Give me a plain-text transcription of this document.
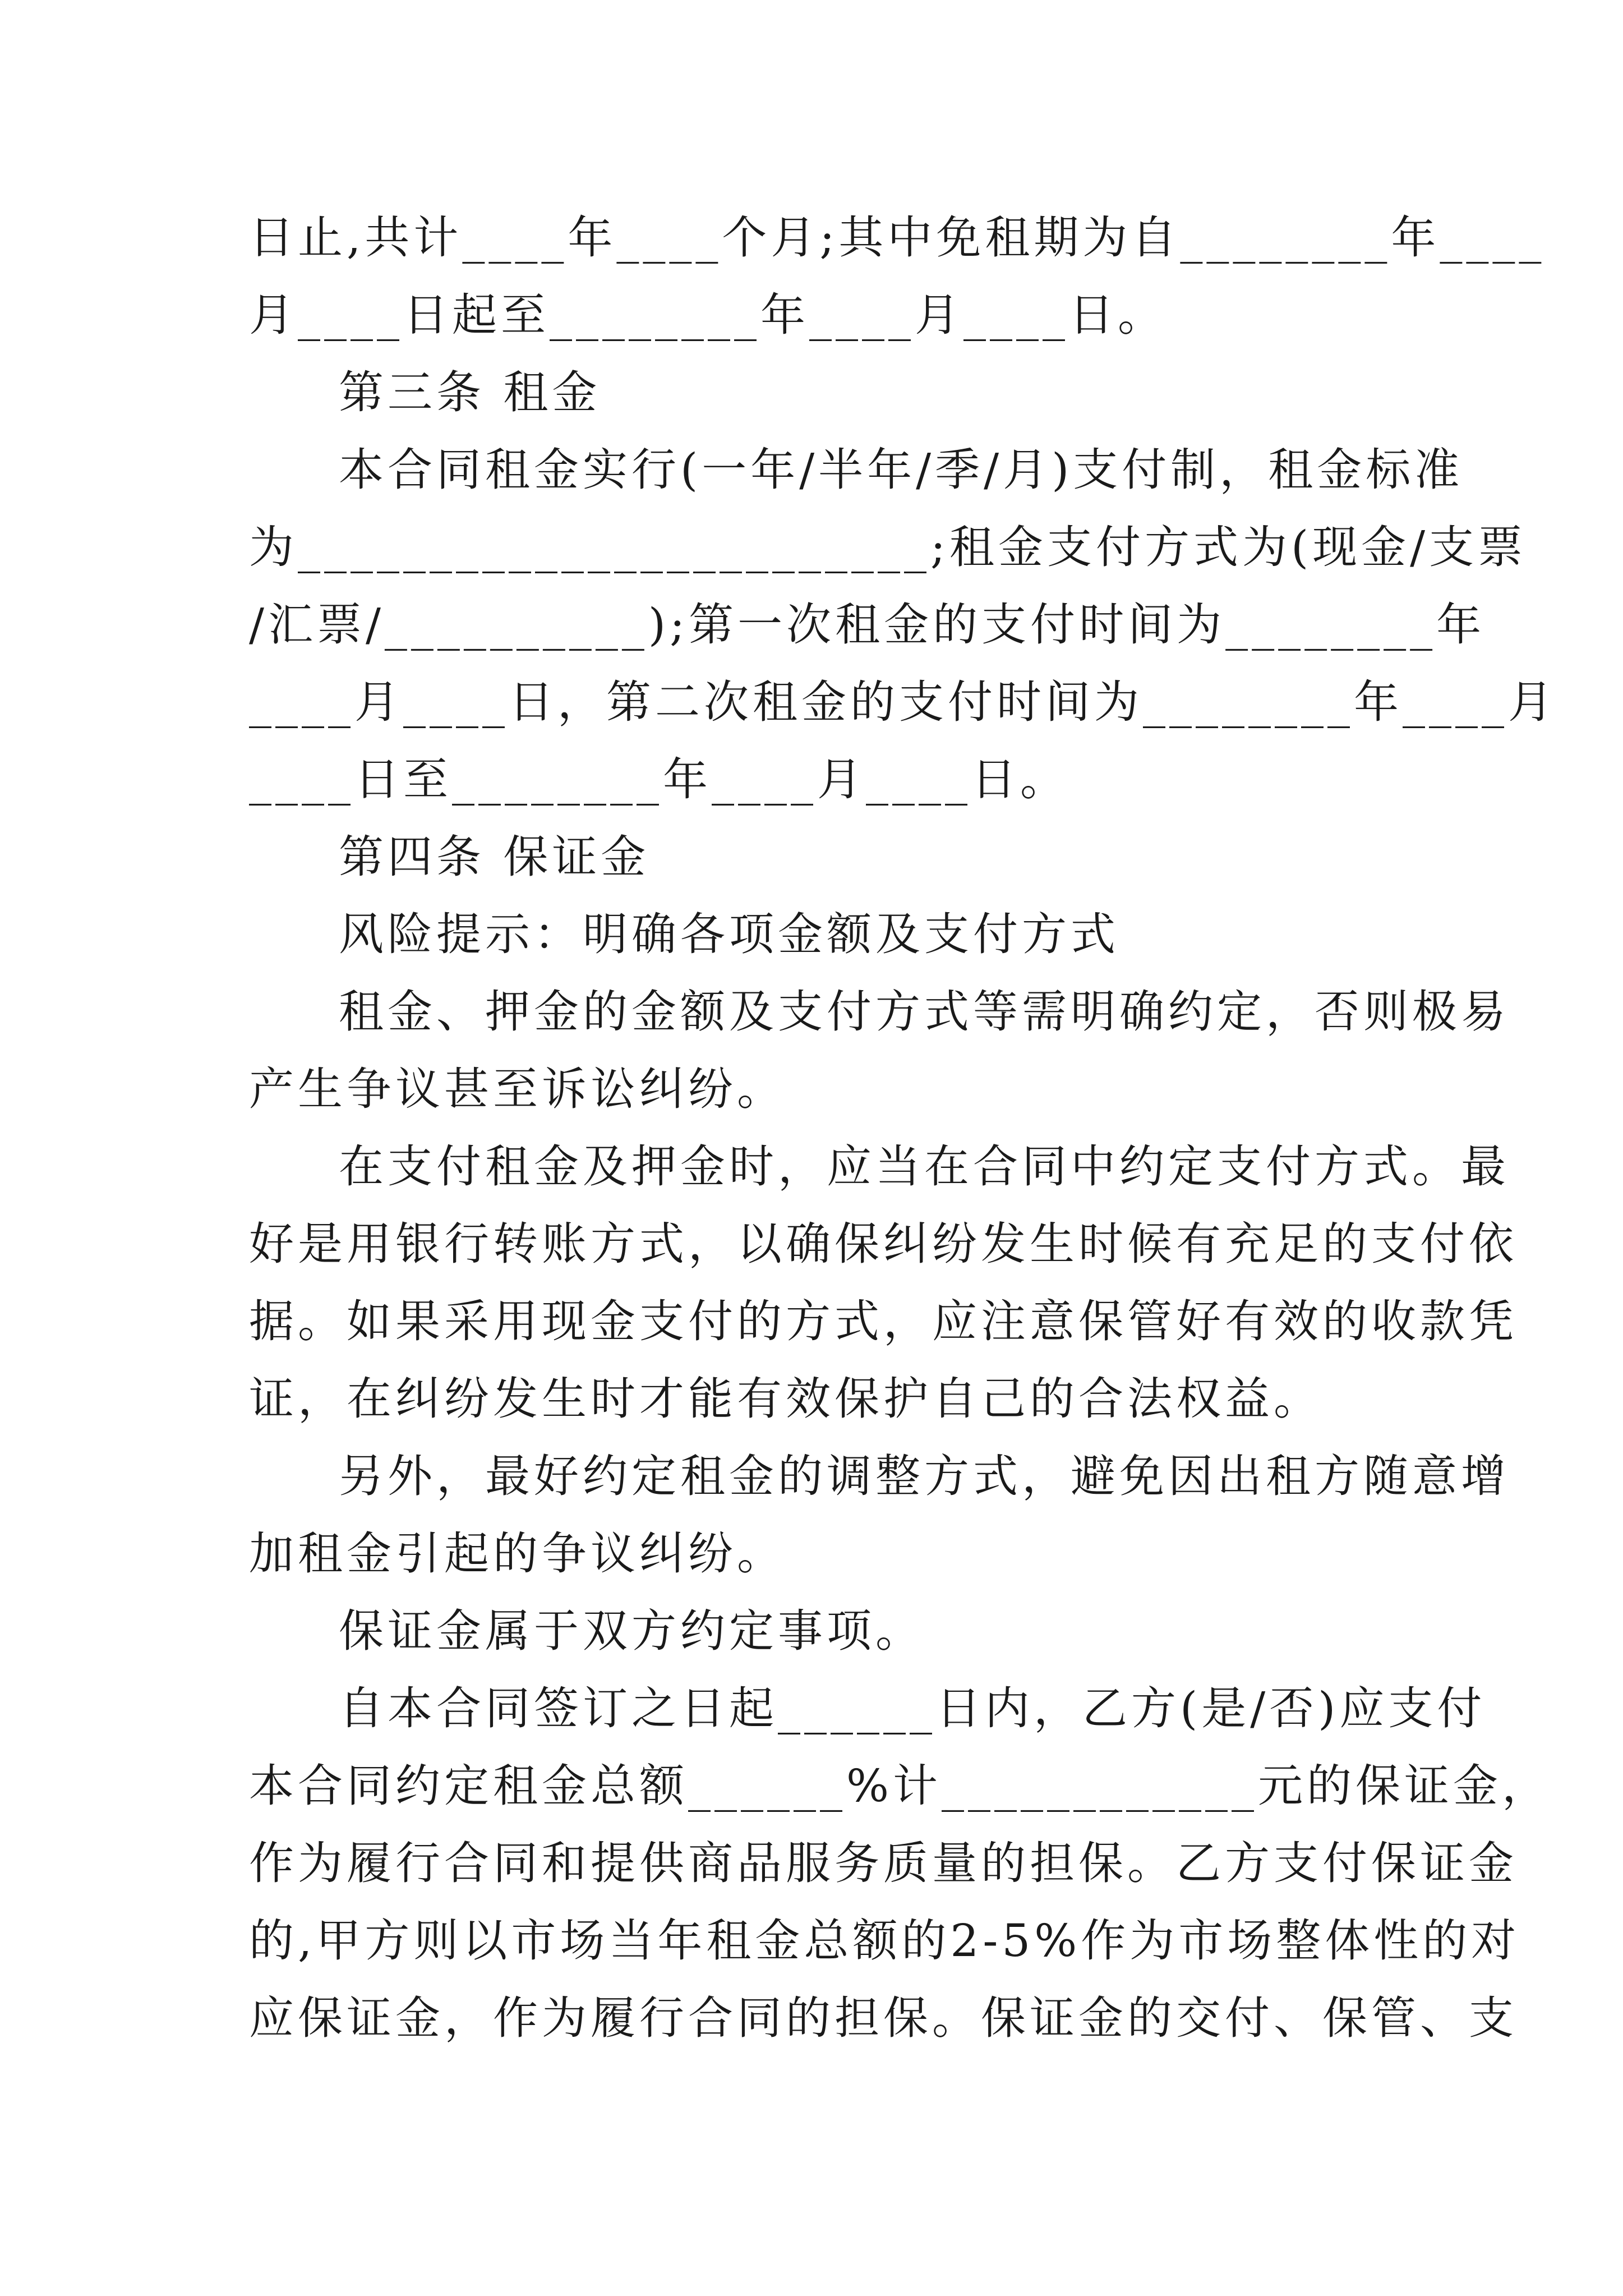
日止,共计____年____个月;其中免租期为自________年____
月____日起至________年____月____日。
第三条 租金
本合同租金实行(一年/半年/季/月)支付制，租金标准
为________________________;租金支付方式为(现金/支票
/汇票/__________);第一次租金的支付时间为________年
____月____日，第二次租金的支付时间为________年____月
____日至________年____月____日。
第四条 保证金
风险提示：明确各项金额及支付方式
租金、押金的金额及支付方式等需明确约定，否则极易
产生争议甚至诉讼纠纷。
在支付租金及押金时，应当在合同中约定支付方式。最
好是用银行转账方式，以确保纠纷发生时候有充足的支付依
据。如果采用现金支付的方式，应注意保管好有效的收款凭
证，在纠纷发生时才能有效保护自己的合法权益。
另外，最好约定租金的调整方式，避免因出租方随意增
加租金引起的争议纠纷。
保证金属于双方约定事项。
自本合同签订之日起______日内，乙方(是/否)应支付
本合同约定租金总额______%计____________元的保证金，
作为履行合同和提供商品服务质量的担保。乙方支付保证金
的,甲方则以市场当年租金总额的2-5%作为市场整体性的对
应保证金，作为履行合同的担保。保证金的交付、保管、支
